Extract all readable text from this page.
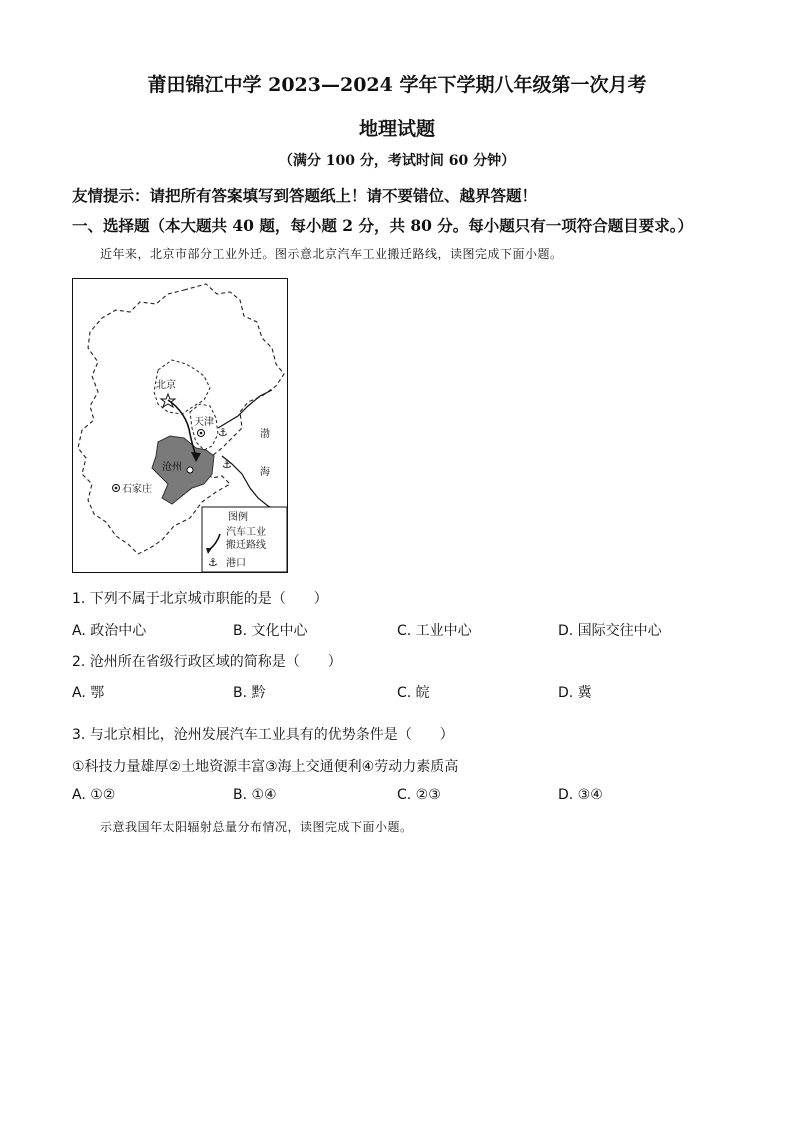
莆田锦江中学 2023—2024 学年下学期八年级第一次月考
地理试题
（满分 100 分，考试时间 60 分钟）
友情提示：请把所有答案填写到答题纸上！请不要错位、越界答题！
一、选择题（本大题共 40 题，每小题 2 分，共 80 分。每小题只有一项符合题目要求。）
近年来，北京市部分工业外迁。图示意北京汽车工业搬迁路线，读图完成下面小题。
⚓
⚓
北京
天津
沧州
石家庄
渤
海
图例
汽车工业
搬迁路线
⚓ 港口
1. 下列不属于北京城市职能的是（　　）
A. 政治中心	B. 文化中心	C. 工业中心	D. 国际交往中心
2. 沧州所在省级行政区域的简称是（　　）
A. 鄂	B. 黔	C. 皖	D. 冀
3. 与北京相比，沧州发展汽车工业具有的优势条件是（　　）
①科技力量雄厚②土地资源丰富③海上交通便利④劳动力素质高
A. ①②	B. ①④	C. ②③	D. ③④
示意我国年太阳辐射总量分布情况，读图完成下面小题。
